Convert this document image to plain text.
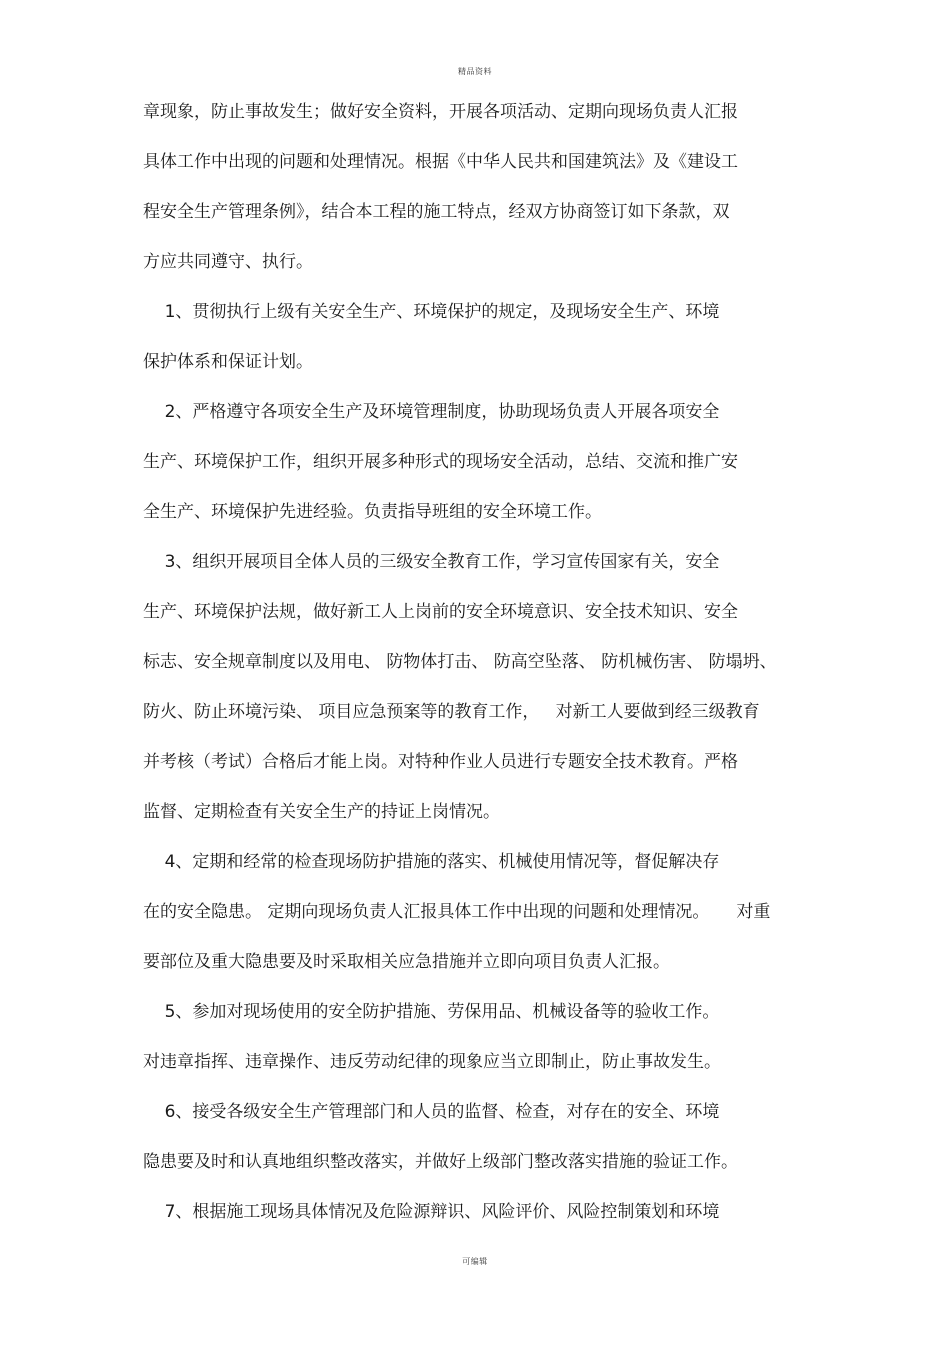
精品资料
章现象，防止事故发生；做好安全资料，开展各项活动、定期向现场负责人汇报
具体工作中出现的问题和处理情况。根据《中华人民共和国建筑法》及《建设工
程安全生产管理条例》，结合本工程的施工特点，经双方协商签订如下条款，双
方应共同遵守、执行。
1、贯彻执行上级有关安全生产、环境保护的规定，及现场安全生产、环境
保护体系和保证计划。
2、严格遵守各项安全生产及环境管理制度，协助现场负责人开展各项安全
生产、环境保护工作，组织开展多种形式的现场安全活动，总结、交流和推广安
全生产、环境保护先进经验。负责指导班组的安全环境工作。
3、组织开展项目全体人员的三级安全教育工作，学习宣传国家有关，安全
生产、环境保护法规，做好新工人上岗前的安全环境意识、安全技术知识、安全
标志、安全规章制度以及用电、 防物体打击、 防高空坠落、 防机械伤害、 防塌坍、
防火、防止环境污染、 项目应急预案等的教育工作，   对新工人要做到经三级教育
并考核（考试）合格后才能上岗。对特种作业人员进行专题安全技术教育。严格
监督、定期检查有关安全生产的持证上岗情况。
4、定期和经常的检查现场防护措施的落实、机械使用情况等，督促解决存
在的安全隐患。 定期向现场负责人汇报具体工作中出现的问题和处理情况。     对重
要部位及重大隐患要及时采取相关应急措施并立即向项目负责人汇报。
5、参加对现场使用的安全防护措施、劳保用品、机械设备等的验收工作。
对违章指挥、违章操作、违反劳动纪律的现象应当立即制止，防止事故发生。
6、接受各级安全生产管理部门和人员的监督、检查，对存在的安全、环境
隐患要及时和认真地组织整改落实，并做好上级部门整改落实措施的验证工作。
7、根据施工现场具体情况及危险源辩识、风险评价、风险控制策划和环境
可编辑
